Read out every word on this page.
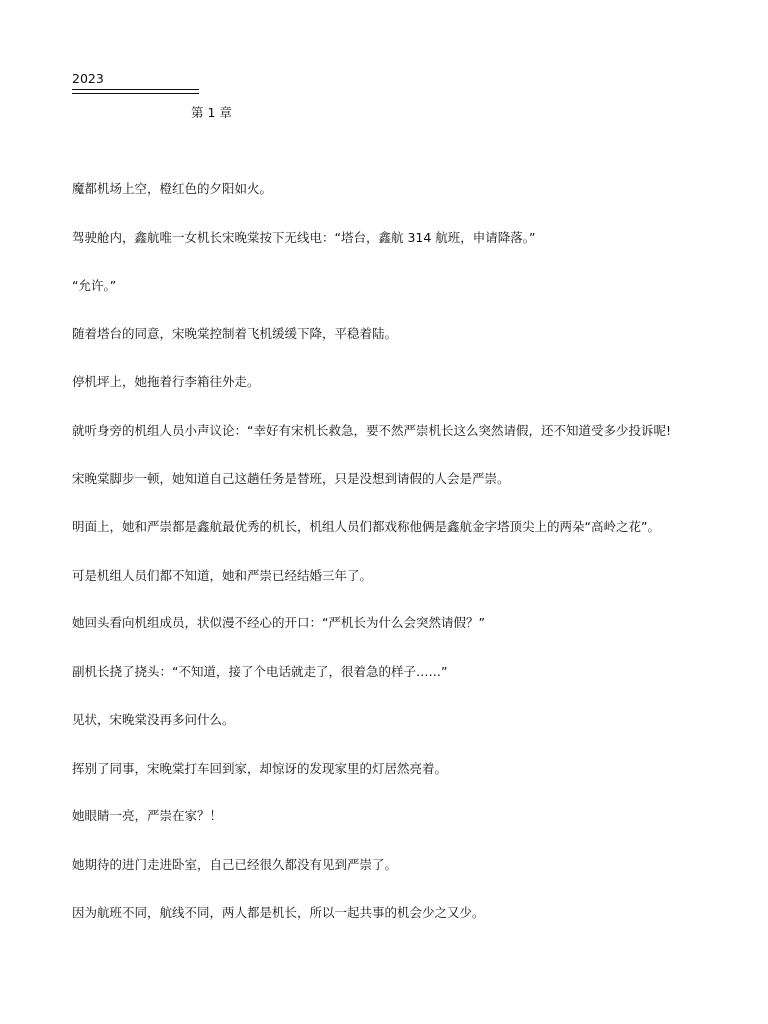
2023
第 1 章
魔都机场上空，橙红色的夕阳如火。
驾驶舱内，鑫航唯一女机长宋晚棠按下无线电：“塔台，鑫航 314 航班，申请降落。”
“允许。”
随着塔台的同意，宋晚棠控制着飞机缓缓下降，平稳着陆。
停机坪上，她拖着行李箱往外走。
就听身旁的机组人员小声议论：“幸好有宋机长救急，要不然严崇机长这么突然请假，还不知道受多少投诉呢!
宋晚棠脚步一顿，她知道自己这趟任务是替班，只是没想到请假的人会是严崇。
明面上，她和严崇都是鑫航最优秀的机长，机组人员们都戏称他俩是鑫航金字塔顶尖上的两朵“高岭之花”。
可是机组人员们都不知道，她和严崇已经结婚三年了。
她回头看向机组成员，状似漫不经心的开口：“严机长为什么会突然请假？”
副机长挠了挠头：“不知道，接了个电话就走了，很着急的样子……”
见状，宋晚棠没再多问什么。
挥别了同事，宋晚棠打车回到家，却惊讶的发现家里的灯居然亮着。
她眼睛一亮，严崇在家？！
她期待的进门走进卧室，自己已经很久都没有见到严崇了。
因为航班不同，航线不同，两人都是机长，所以一起共事的机会少之又少。
